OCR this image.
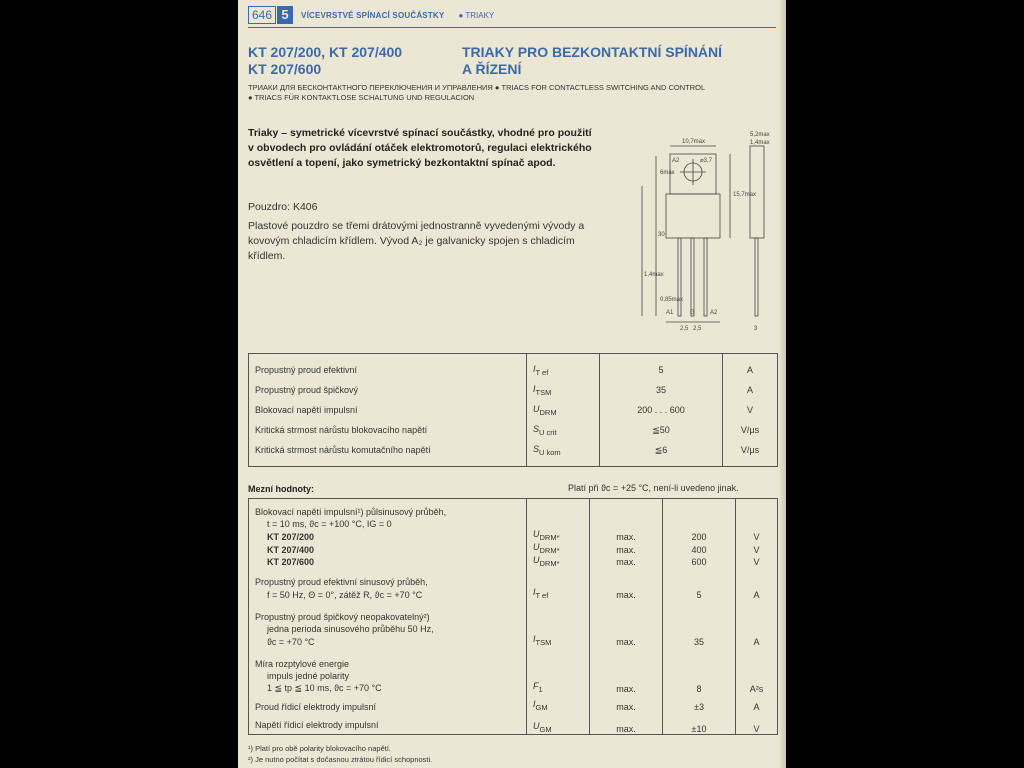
646 5	VÍCEVRSTVÉ SPÍNACÍ SOUČÁSTKY ● TRIAKY
KT 207/200, KT 207/400
KT 207/600
TRIAKY PRO BEZKONTAKTNÍ SPÍNÁNÍ
A ŘÍZENÍ
ТРИАКИ ДЛЯ БЕСКОНТАКТНОГО ПЕРЕКЛЮЧЕНИЯ И УПРАВЛЕНИЯ ● TRIACS FOR CONTACTLESS SWITCHING AND CONTROL
● TRIACS FÜR KONTAKTLOSE SCHALTUNG UND REGULACION
Triaky – symetrické vícevrstvé spínací součástky, vhodné pro použití v obvodech pro ovládání otáček elektromotorů, regulaci elektrického osvětlení a topení, jako symetrický bezkontaktní spínač apod.
Pouzdro: K406
Plastové pouzdro se třemi drátovými jednostranně vyvedenými vývody a kovovým chladicím křídlem. Vývod A₂ je galvanicky spojen s chladicím křídlem.
10,7max
5,2max
1,4max
⌀3,7
A2
15,7max
30
6max
1,4max
0,85max
A1	G	A2
2,5 2,5	3
Propustný proud efektivní	$I_{T ef}$	5	A
Propustný proud špičkový	$I_{TSM}$	35	A
Blokovací napětí impulsní	$U_{DRM}$	200 . . . 600	V
Kritická strmost nárůstu blokovacího napětí	$S_{U crit}$	≦50	V/μs
Kritická strmost nárůstu komutačního napětí	$S_{U kom}$	≦6	V/μs
Mezní hodnoty:	Platí při ϑc = +25 °C, není-li uvedeno jinak.
Blokovací napětí impulsní¹) půlsinusový průběh,				
t = 10 ms, ϑc = +100 °C, IG = 0				
KT 207/200	$U_{DRM*}$	max.	200	V
KT 207/400	$U_{DRM*}$	max.	400	V
KT 207/600	$U_{DRM*}$	max.	600	V
Propustný proud efektivní sinusový průběh,				
f = 50 Hz, Θ = 0°, zátěž R, ϑc = +70 °C	$I_{T ef}$	max.	5	A
Propustný proud špičkový neopakovatelný²)				
jedna perioda sinusového průběhu 50 Hz,				
ϑc = +70 °C	$I_{TSM}$	max.	35	A
Míra rozptylové energie				
impuls jedné polarity				
1 ≦ tp ≦ 10 ms, ϑc = +70 °C	$F_1$	max.	8	A²s
Proud řídicí elektrody impulsní	$I_{GM}$	max.	±3	A
Napětí řídicí elektrody impulsní	$U_{GM}$	max.	±10	V
¹) Platí pro obě polarity blokovacího napětí.
²) Je nutno počítat s dočasnou ztrátou řídicí schopnosti.
